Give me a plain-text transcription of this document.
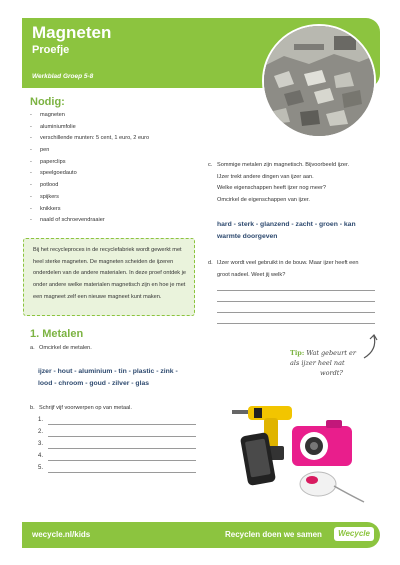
Magneten
Proefje
Werkblad Groep 5-8
Nodig:
- magneten
- aluminiumfolie
- verschillende munten: 5 cent, 1 euro, 2 euro
- pen
- paperclips
- speelgoedauto
- potlood
- spijkers
- knikkers
- naald of schroevendraaier
Bij het recycleproces in de recyclefabriek wordt gewerkt met heel sterke magneten. De magneten scheiden de ijzeren onderdelen van de andere materialen. In deze proef ontdek je onder andere welke materialen magnetisch zijn en hoe je met een magneet zelf een nieuwe magneet kunt maken.
1. Metalen
a. Omcirkel de metalen.
ijzer - hout - aluminium - tin - plastic - zink -
lood - chroom - goud - zilver - glas
b. Schrijf vijf voorwerpen op van metaal.
1.
2.
3.
4.
5.
c. Sommige metalen zijn magnetisch. Bijvoorbeeld ijzer.
IJzer trekt andere dingen van ijzer aan.
Welke eigenschappen heeft ijzer nog meer?
Omcirkel de eigenschappen van ijzer.
hard - sterk - glanzend - zacht - groen - kan
warmte doorgeven
d. IJzer wordt veel gebruikt in de bouw. Maar ijzer heeft een
groot nadeel. Weet jij welk?
Tip: Wat gebeurt er
als ijzer heel nat
wordt?
wecycle.nl/kids	Recyclen doen we samen	Wecycle
